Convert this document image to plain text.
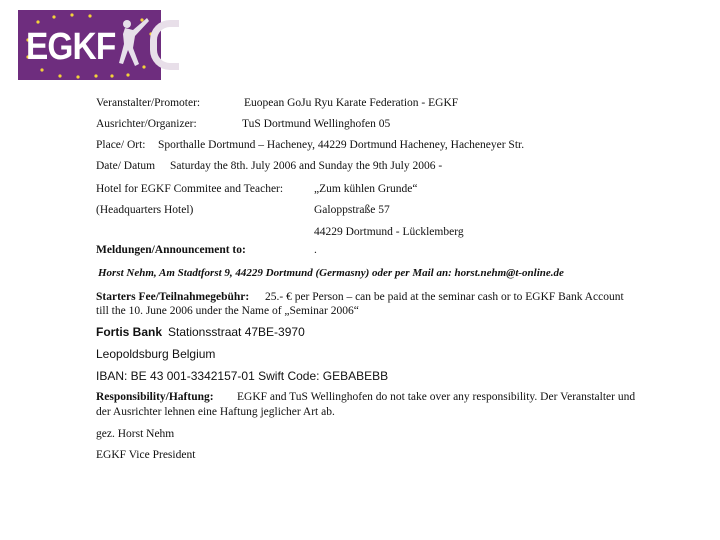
EGKF
Veranstalter/Promoter:	Euopean GoJu Ryu Karate Federation - EGKF
Ausrichter/Organizer:	TuS Dortmund Wellinghofen 05
Place/ Ort: Sporthalle Dortmund – Hacheney, 44229 Dortmund Hacheney, Hacheneyer Str.
Date/ Datum Saturday the 8th. July 2006 and Sunday the 9th July 2006 -
Hotel for EGKF Commitee and Teacher:	„Zum kühlen Grunde“
(Headquarters Hotel)	Galoppstraße 57
44229 Dortmund - Lücklemberg
Meldungen/Announcement to:	.
Horst Nehm, Am Stadtforst 9, 44229 Dortmund (Germasny) oder per Mail an: horst.nehm@t-online.de
Starters Fee/Teilnahmegebühr: 25.- € per Person – can be paid at the seminar cash or to EGKF Bank Account
till the 10. June 2006 under the Name of „Seminar 2006“
Fortis Bank Stationsstraat 47BE-3970
Leopoldsburg Belgium
IBAN: BE 43 001-3342157-01 Swift Code: GEBABEBB
Responsibility/Haftung: EGKF and TuS Wellinghofen do not take over any responsibility. Der Veranstalter und
der Ausrichter lehnen eine Haftung jeglicher Art ab.
gez. Horst Nehm
EGKF Vice President
